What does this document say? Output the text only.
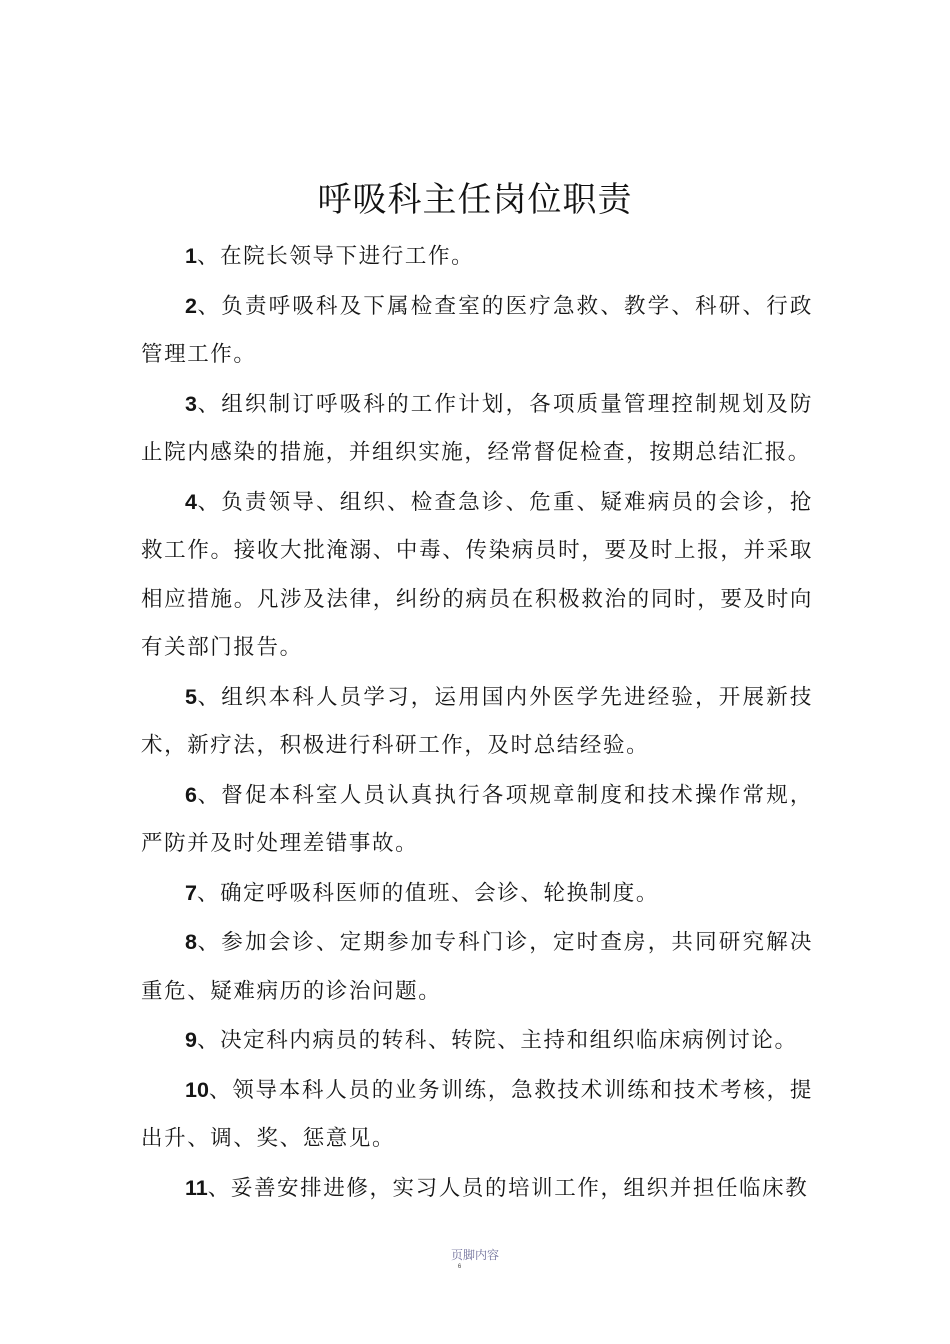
呼吸科主任岗位职责

1、在院长领导下进行工作。

2、负责呼吸科及下属检查室的医疗急救、教学、科研、行政管理工作。

3、组织制订呼吸科的工作计划，各项质量管理控制规划及防止院内感染的措施，并组织实施，经常督促检查，按期总结汇报。

4、负责领导、组织、检查急诊、危重、疑难病员的会诊，抢救工作。接收大批淹溺、中毒、传染病员时，要及时上报，并采取相应措施。凡涉及法律，纠纷的病员在积极救治的同时，要及时向有关部门报告。

5、组织本科人员学习，运用国内外医学先进经验，开展新技术，新疗法，积极进行科研工作，及时总结经验。

6、督促本科室人员认真执行各项规章制度和技术操作常规，严防并及时处理差错事故。

7、确定呼吸科医师的值班、会诊、轮换制度。

8、参加会诊、定期参加专科门诊，定时查房，共同研究解决重危、疑难病历的诊治问题。

9、决定科内病员的转科、转院、主持和组织临床病例讨论。

10、领导本科人员的业务训练，急救技术训练和技术考核，提出升、调、奖、惩意见。

11、妥善安排进修，实习人员的培训工作，组织并担任临床教

页脚内容
6
